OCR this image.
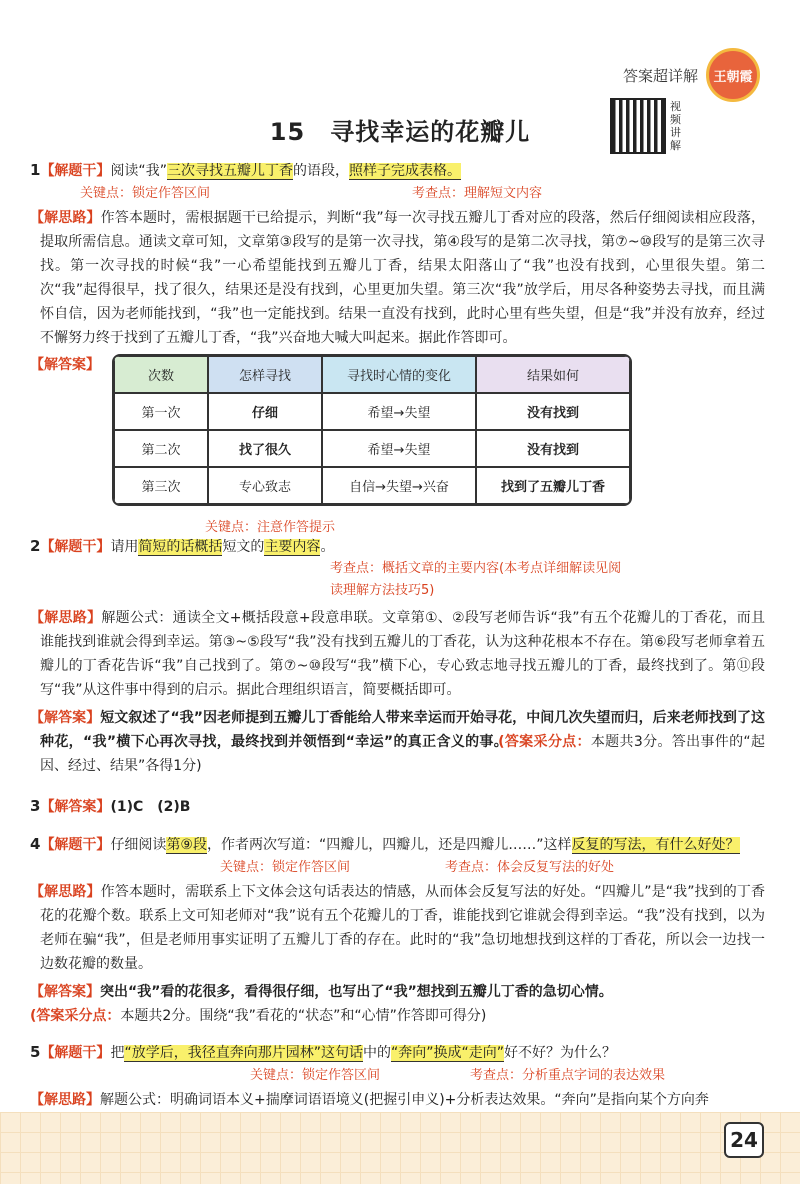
答案超详解 王朝霞
15　寻找幸运的花瓣儿
视频讲解
1【解题干】阅读“我”三次寻找五瓣儿丁香的语段，照样子完成表格。
关键点：锁定作答区间	考查点：理解短文内容

【解思路】作答本题时，需根据题干已给提示，判断“我”每一次寻找五瓣儿丁香对应的段落，然后仔细阅读相应段落，提取所需信息。通读文章可知，文章第③段写的是第一次寻找，第④段写的是第二次寻找，第⑦~⑩段写的是第三次寻找。第一次寻找的时候“我”一心希望能找到五瓣儿丁香，结果太阳落山了“我”也没有找到，心里很失望。第二次“我”起得很早，找了很久，结果还是没有找到，心里更加失望。第三次“我”放学后，用尽各种姿势去寻找，而且满怀自信，因为老师能找到，“我”也一定能找到。结果一直没有找到，此时心里有些失望，但是“我”并没有放弃，经过不懈努力终于找到了五瓣儿丁香，“我”兴奋地大喊大叫起来。据此作答即可。

【解答案】
次数	怎样寻找	寻找时心情的变化	结果如何
第一次	仔细	希望→失望	没有找到
第二次	找了很久	希望→失望	没有找到
第三次	专心致志	自信→失望→兴奋	找到了五瓣儿丁香
关键点：注意作答提示
2【解题干】请用简短的话概括短文的主要内容。
考查点：概括文章的主要内容(本考点详细解读见阅读理解方法技巧5)

【解思路】解题公式：通读全文+概括段意+段意串联。文章第①、②段写老师告诉“我”有五个花瓣儿的丁香花，而且谁能找到谁就会得到幸运。第③~⑤段写“我”没有找到五瓣儿的丁香花，认为这种花根本不存在。第⑥段写老师拿着五瓣儿的丁香花告诉“我”自己找到了。第⑦~⑩段写“我”横下心，专心致志地寻找五瓣儿的丁香，最终找到了。第⑪段写“我”从这件事中得到的启示。据此合理组织语言，简要概括即可。

【解答案】短文叙述了“我”因老师提到五瓣儿丁香能给人带来幸运而开始寻花，中间几次失望而归，后来老师找到了这种花，“我”横下心再次寻找，最终找到并领悟到“幸运”的真正含义的事。(答案采分点：本题共3分。答出事件的“起因、经过、结果”各得1分)

3【解答案】(1)C　(2)B
4【解题干】仔细阅读第⑨段，作者两次写道：“四瓣儿，四瓣儿，还是四瓣儿……”这样反复的写法，有什么好处？
关键点：锁定作答区间	考查点：体会反复写法的好处

【解思路】作答本题时，需联系上下文体会这句话表达的情感，从而体会反复写法的好处。“四瓣儿”是“我”找到的丁香花的花瓣个数。联系上文可知老师对“我”说有五个花瓣儿的丁香，谁能找到它谁就会得到幸运。“我”没有找到，以为老师在骗“我”，但是老师用事实证明了五瓣儿丁香的存在。此时的“我”急切地想找到这样的丁香花，所以会一边找一边数花瓣的数量。

【解答案】突出“我”看的花很多，看得很仔细，也写出了“我”想找到五瓣儿丁香的急切心情。
(答案采分点：本题共2分。围绕“我”看花的“状态”和“心情”作答即可得分)

5【解题干】把“放学后，我径直奔向那片园林”这句话中的“奔向”换成“走向”好不好？为什么？
关键点：锁定作答区间	考查点：分析重点字词的表达效果

【解思路】解题公式：明确词语本义+揣摩词语语境义(把握引申义)+分析表达效果。“奔向”是指向某个方向奔

24
